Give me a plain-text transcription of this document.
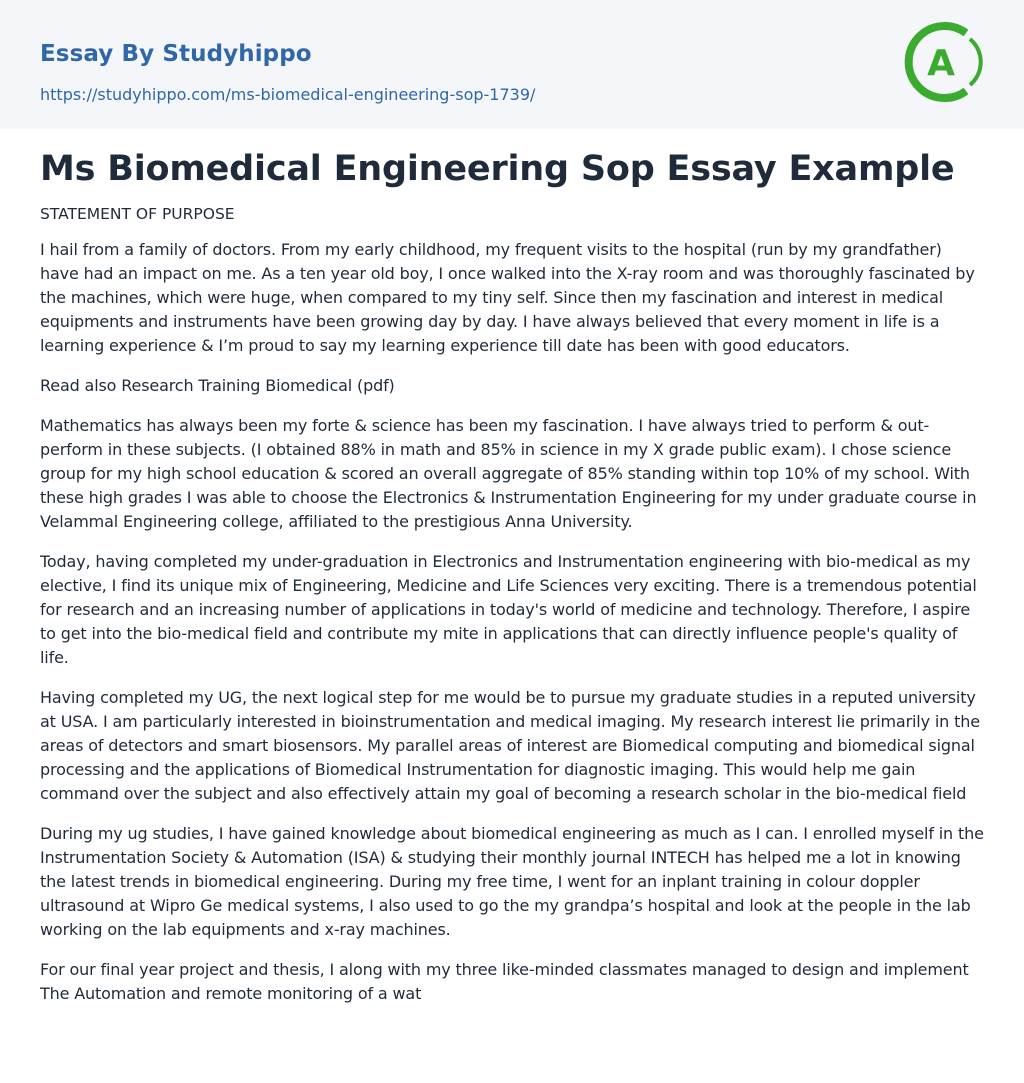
Essay By Studyhippo
https://studyhippo.com/ms-biomedical-engineering-sop-1739/
A
Ms Biomedical Engineering Sop Essay Example
STATEMENT OF PURPOSE

I hail from a family of doctors. From my early childhood, my frequent visits to the hospital (run by my grandfather) have had an impact on me. As a ten year old boy, I once walked into the X-ray room and was thoroughly fascinated by the machines, which were huge, when compared to my tiny self. Since then my fascination and interest in medical equipments and instruments have been growing day by day. I have always believed that every moment in life is a learning experience & I’m proud to say my learning experience till date has been with good educators.

Read also Research Training Biomedical (pdf)

Mathematics has always been my forte & science has been my fascination. I have always tried to perform & out-perform in these subjects. (I obtained 88% in math and 85% in science in my X grade public exam). I chose science group for my high school education & scored an overall aggregate of 85% standing within top 10% of my school. With these high grades I was able to choose the Electronics & Instrumentation Engineering for my under graduate course in Velammal Engineering college, affiliated to the prestigious Anna University.

Today, having completed my under-graduation in Electronics and Instrumentation engineering with bio-medical as my elective, I find its unique mix of Engineering, Medicine and Life Sciences very exciting. There is a tremendous potential for research and an increasing number of applications in today's world of medicine and technology. Therefore, I aspire to get into the bio-medical field and contribute my mite in applications that can directly influence people's quality of life.

Having completed my UG, the next logical step for me would be to pursue my graduate studies in a reputed university at USA. I am particularly interested in bioinstrumentation and medical imaging. My research interest lie primarily in the areas of detectors and smart biosensors. My parallel areas of interest are Biomedical computing and biomedical signal processing and the applications of Biomedical Instrumentation for diagnostic imaging. This would help me gain command over the subject and also effectively attain my goal of becoming a research scholar in the bio-medical field

During my ug studies, I have gained knowledge about biomedical engineering as much as I can. I enrolled myself in the Instrumentation Society & Automation (ISA) & studying their monthly journal INTECH has helped me a lot in knowing the latest trends in biomedical engineering. During my free time, I went for an inplant training in colour doppler ultrasound at Wipro Ge medical systems, I also used to go the my grandpa’s hospital and look at the people in the lab working on the lab equipments and x-ray machines.

For our final year project and thesis, I along with my three like-minded classmates managed to design and implement The Automation and remote monitoring of a wat
